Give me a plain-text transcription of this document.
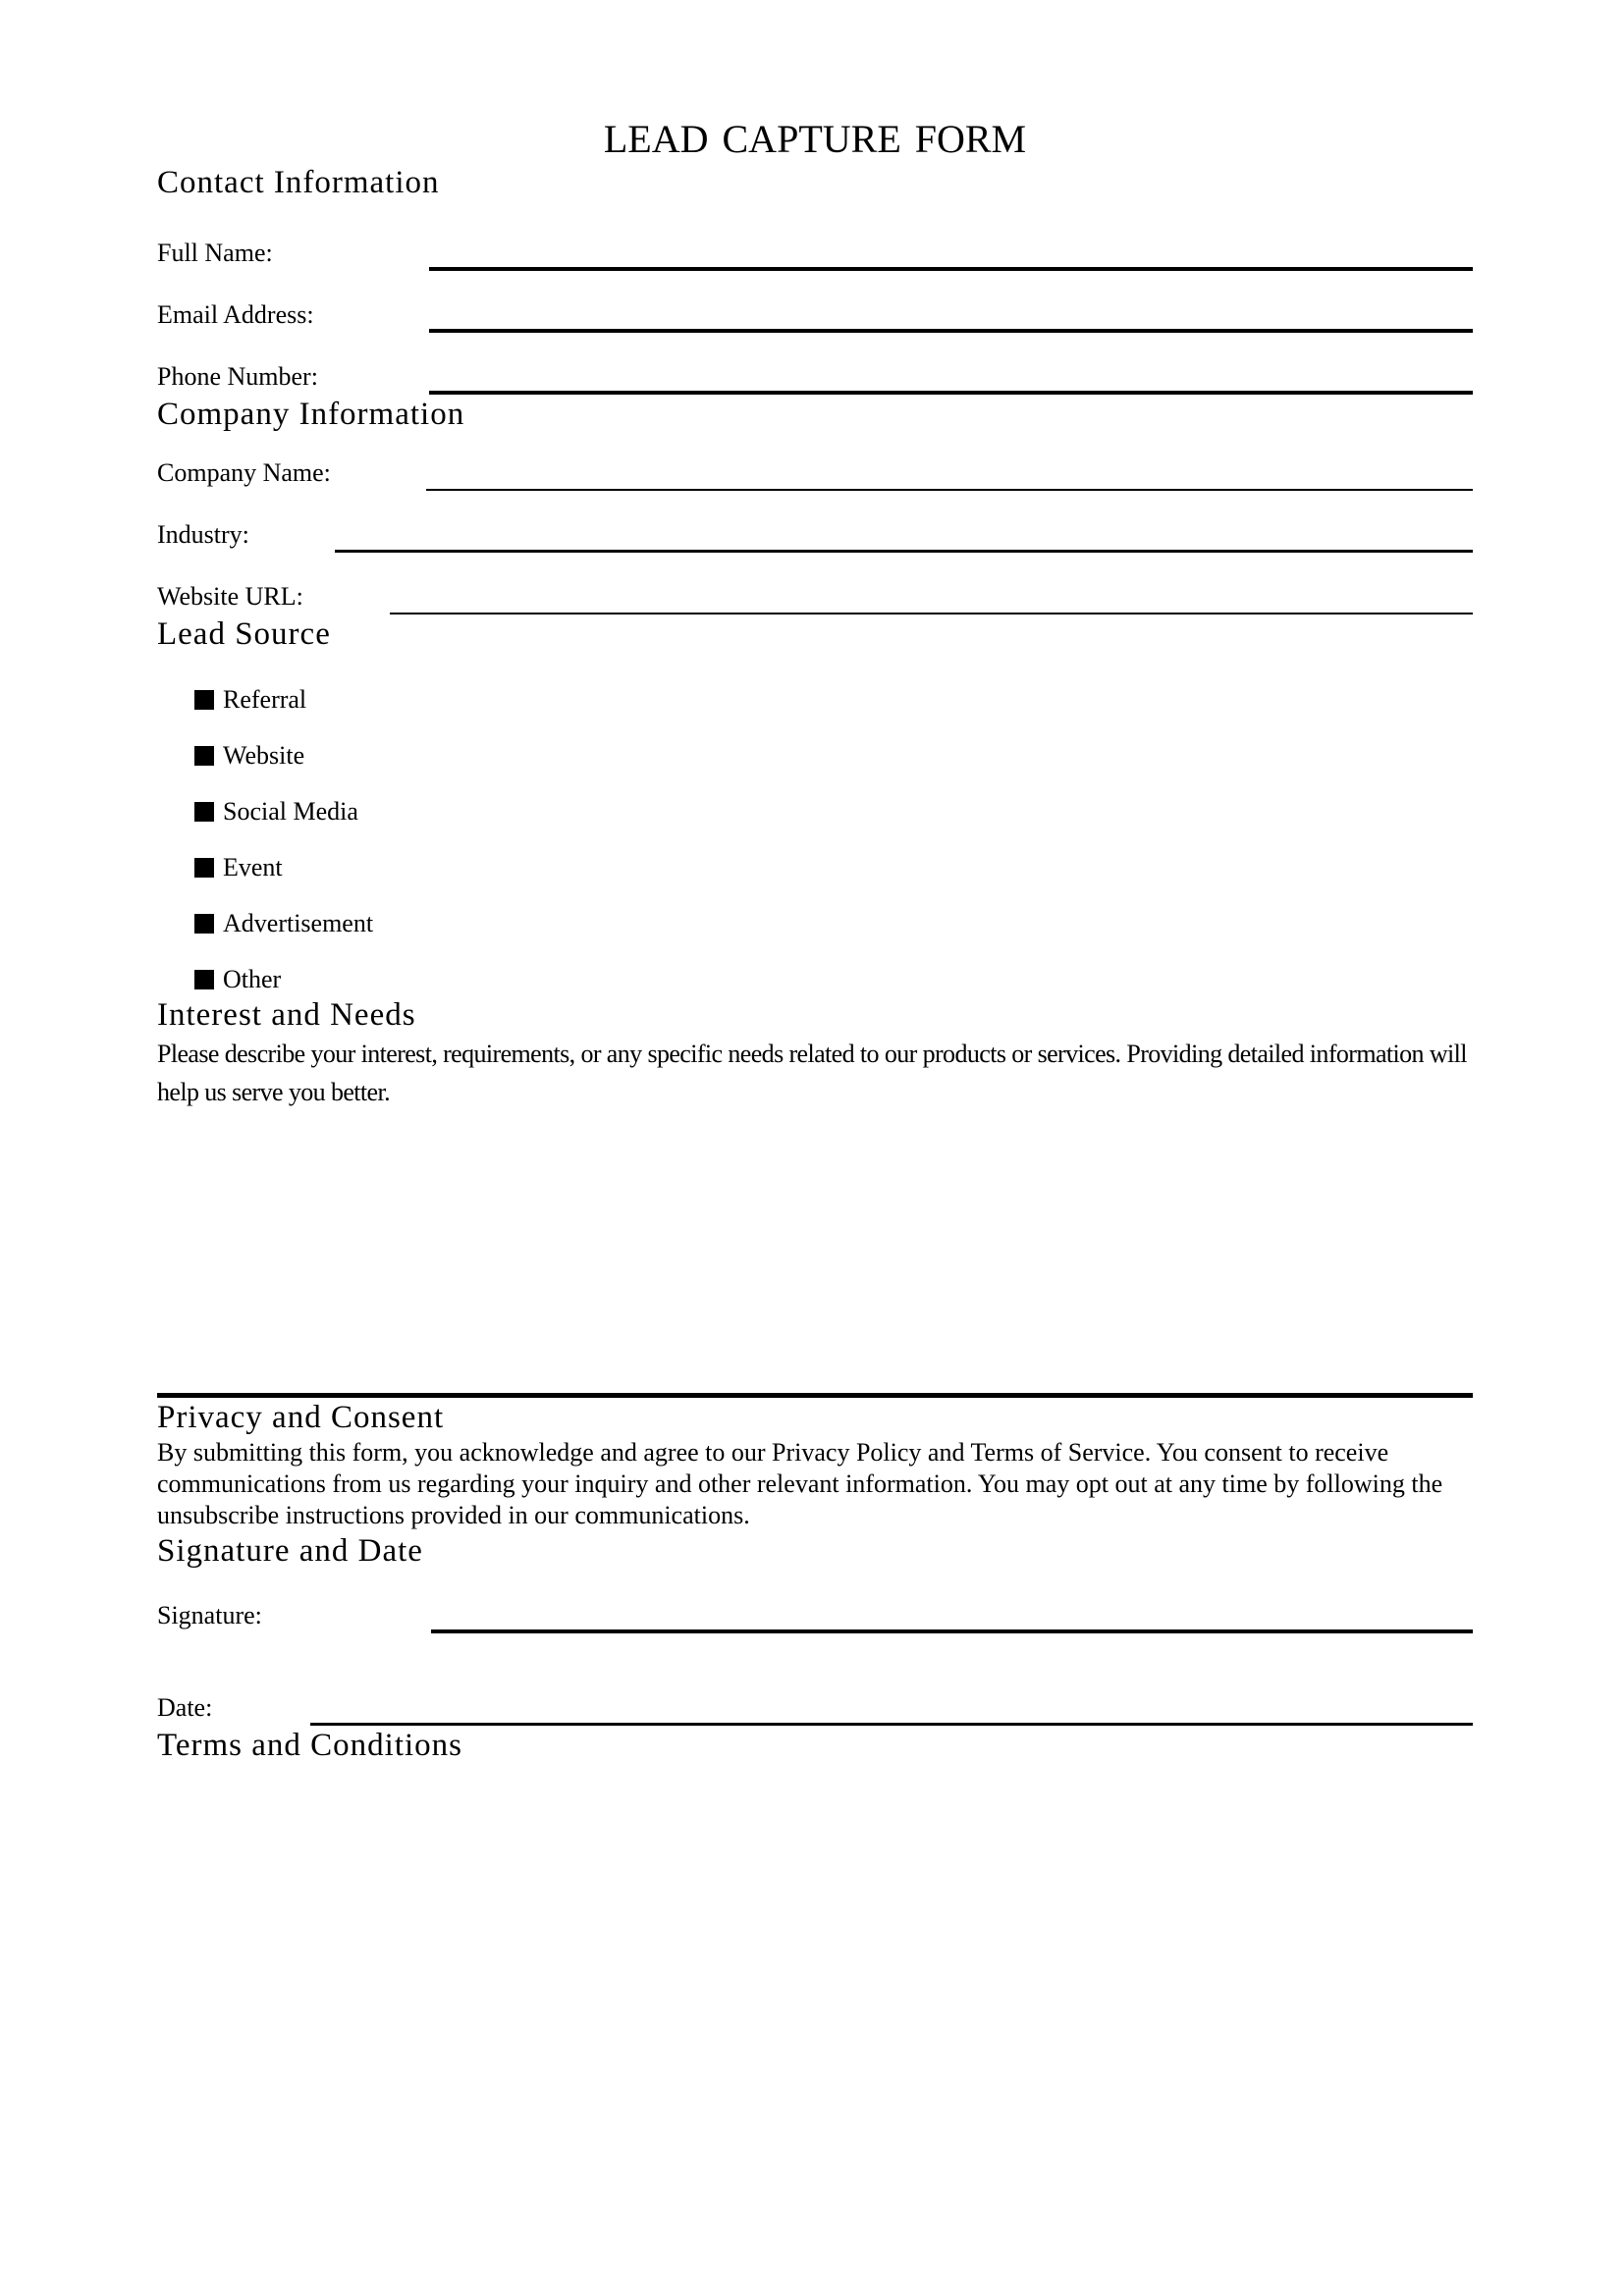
LEAD CAPTURE FORM
Contact Information
Full Name:
Email Address:
Phone Number:
Company Information
Company Name:
Industry:
Website URL:
Lead Source
Referral
Website
Social Media
Event
Advertisement
Other
Interest and Needs

Please describe your interest, requirements, or any specific needs related to our products or services. Providing detailed information will help us serve you better.

Privacy and Consent

By submitting this form, you acknowledge and agree to our Privacy Policy and Terms of Service. You consent to receive communications from us regarding your inquiry and other relevant information. You may opt out at any time by following the unsubscribe instructions provided in our communications.

Signature and Date
Signature:
Date:
Terms and Conditions
